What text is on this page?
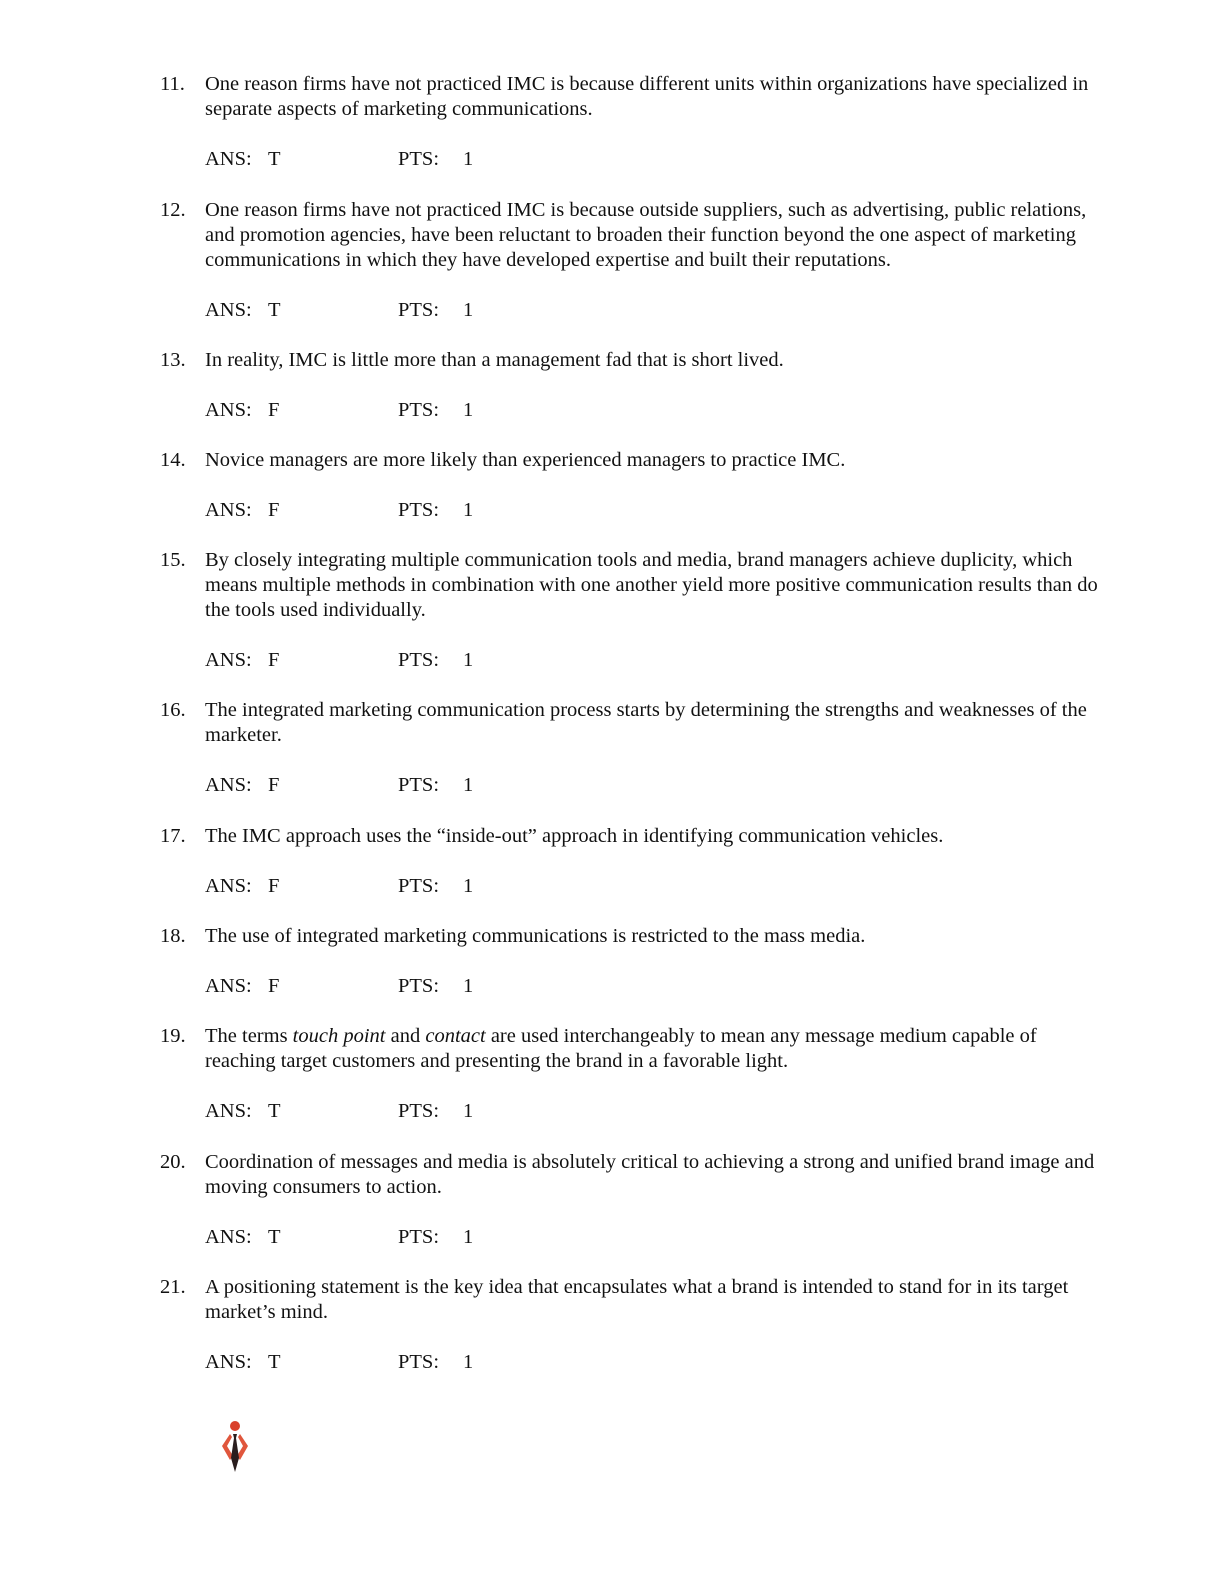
11. One reason firms have not practiced IMC is because different units within organizations have specialized in separate aspects of marketing communications.
ANS: T	PTS: 1
12. One reason firms have not practiced IMC is because outside suppliers, such as advertising, public relations, and promotion agencies, have been reluctant to broaden their function beyond the one aspect of marketing communications in which they have developed expertise and built their reputations.
ANS: T	PTS: 1
13. In reality, IMC is little more than a management fad that is short lived.
ANS: F	PTS: 1
14. Novice managers are more likely than experienced managers to practice IMC.
ANS: F	PTS: 1
15. By closely integrating multiple communication tools and media, brand managers achieve duplicity, which means multiple methods in combination with one another yield more positive communication results than do the tools used individually.
ANS: F	PTS: 1
16. The integrated marketing communication process starts by determining the strengths and weaknesses of the marketer.
ANS: F	PTS: 1
17. The IMC approach uses the “inside-out” approach in identifying communication vehicles.
ANS: F	PTS: 1
18. The use of integrated marketing communications is restricted to the mass media.
ANS: F	PTS: 1
19. The terms touch point and contact are used interchangeably to mean any message medium capable of reaching target customers and presenting the brand in a favorable light.
ANS: T	PTS: 1
20. Coordination of messages and media is absolutely critical to achieving a strong and unified brand image and moving consumers to action.
ANS: T	PTS: 1
21. A positioning statement is the key idea that encapsulates what a brand is intended to stand for in its target market’s mind.
ANS: T	PTS: 1
